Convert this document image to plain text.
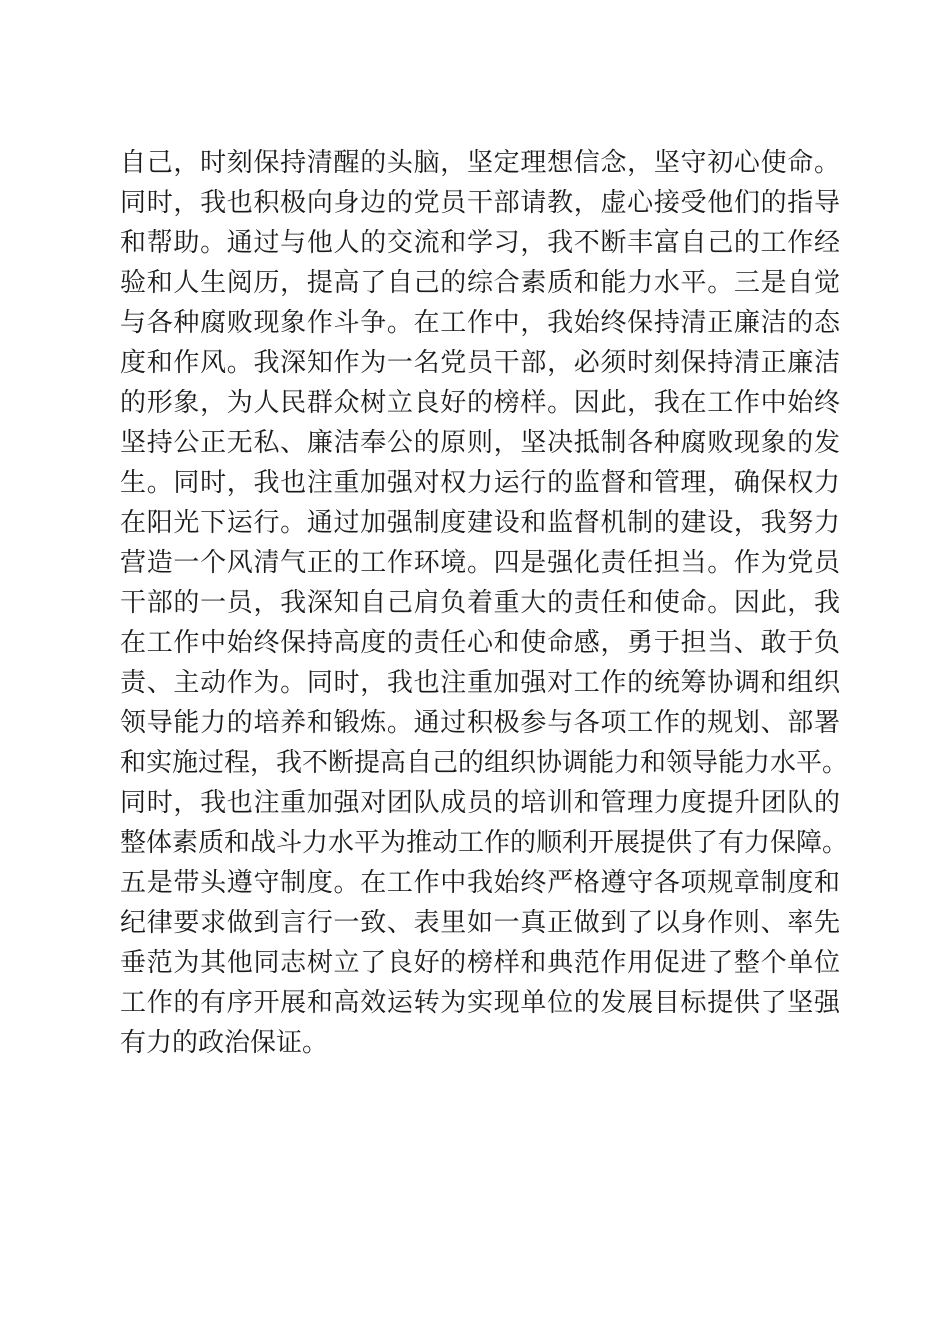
自己，时刻保持清醒的头脑，坚定理想信念，坚守初心使命。
同时，我也积极向身边的党员干部请教，虚心接受他们的指导
和帮助。通过与他人的交流和学习，我不断丰富自己的工作经
验和人生阅历，提高了自己的综合素质和能力水平。三是自觉
与各种腐败现象作斗争。在工作中，我始终保持清正廉洁的态
度和作风。我深知作为一名党员干部，必须时刻保持清正廉洁
的形象，为人民群众树立良好的榜样。因此，我在工作中始终
坚持公正无私、廉洁奉公的原则，坚决抵制各种腐败现象的发
生。同时，我也注重加强对权力运行的监督和管理，确保权力
在阳光下运行。通过加强制度建设和监督机制的建设，我努力
营造一个风清气正的工作环境。四是强化责任担当。作为党员
干部的一员，我深知自己肩负着重大的责任和使命。因此，我
在工作中始终保持高度的责任心和使命感，勇于担当、敢于负
责、主动作为。同时，我也注重加强对工作的统筹协调和组织
领导能力的培养和锻炼。通过积极参与各项工作的规划、部署
和实施过程，我不断提高自己的组织协调能力和领导能力水平。
同时，我也注重加强对团队成员的培训和管理力度提升团队的
整体素质和战斗力水平为推动工作的顺利开展提供了有力保障。
五是带头遵守制度。在工作中我始终严格遵守各项规章制度和
纪律要求做到言行一致、表里如一真正做到了以身作则、率先
垂范为其他同志树立了良好的榜样和典范作用促进了整个单位
工作的有序开展和高效运转为实现单位的发展目标提供了坚强
有力的政治保证。
